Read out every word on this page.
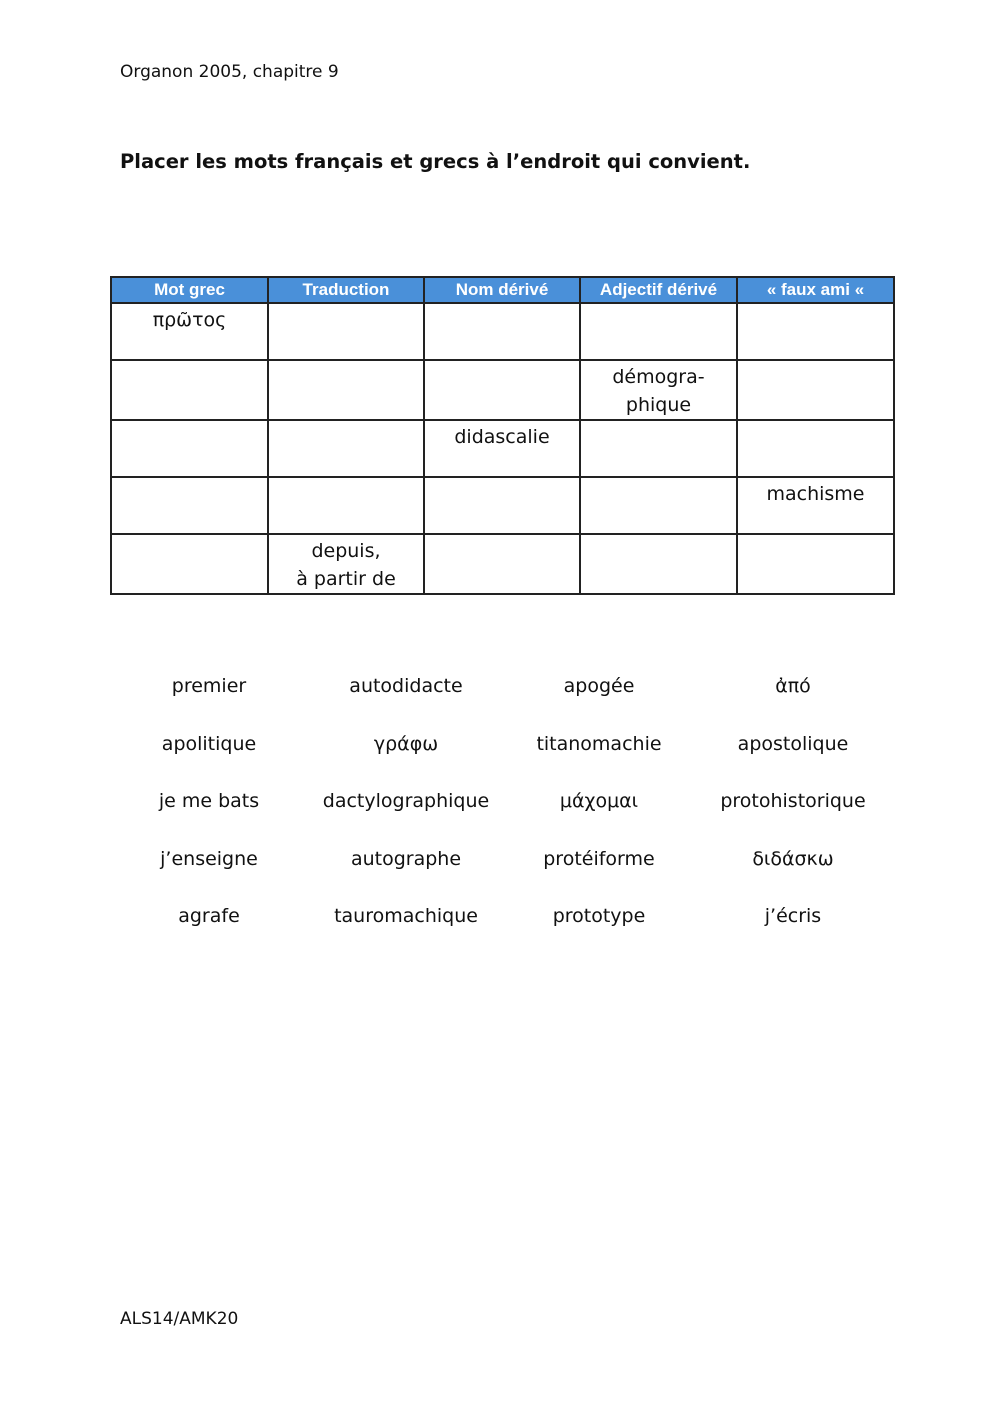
Organon 2005, chapitre 9
Placer les mots français et grecs à l’endroit qui convient.
Mot grec	Traduction	Nom dérivé	Adjectif dérivé	« faux ami «

πρῶτος				

			démogra-
phique	

		didascalie		

				machisme

	depuis,
à partir de			

premier	autodidacte	apogée	ἀπό
apolitique	γράφω	titanomachie	apostolique
je me bats	dactylographique	μάχομαι	protohistorique
j’enseigne	autographe	protéiforme	διδάσκω
agrafe	tauromachique	prototype	j’écris
ALS14/AMK20
